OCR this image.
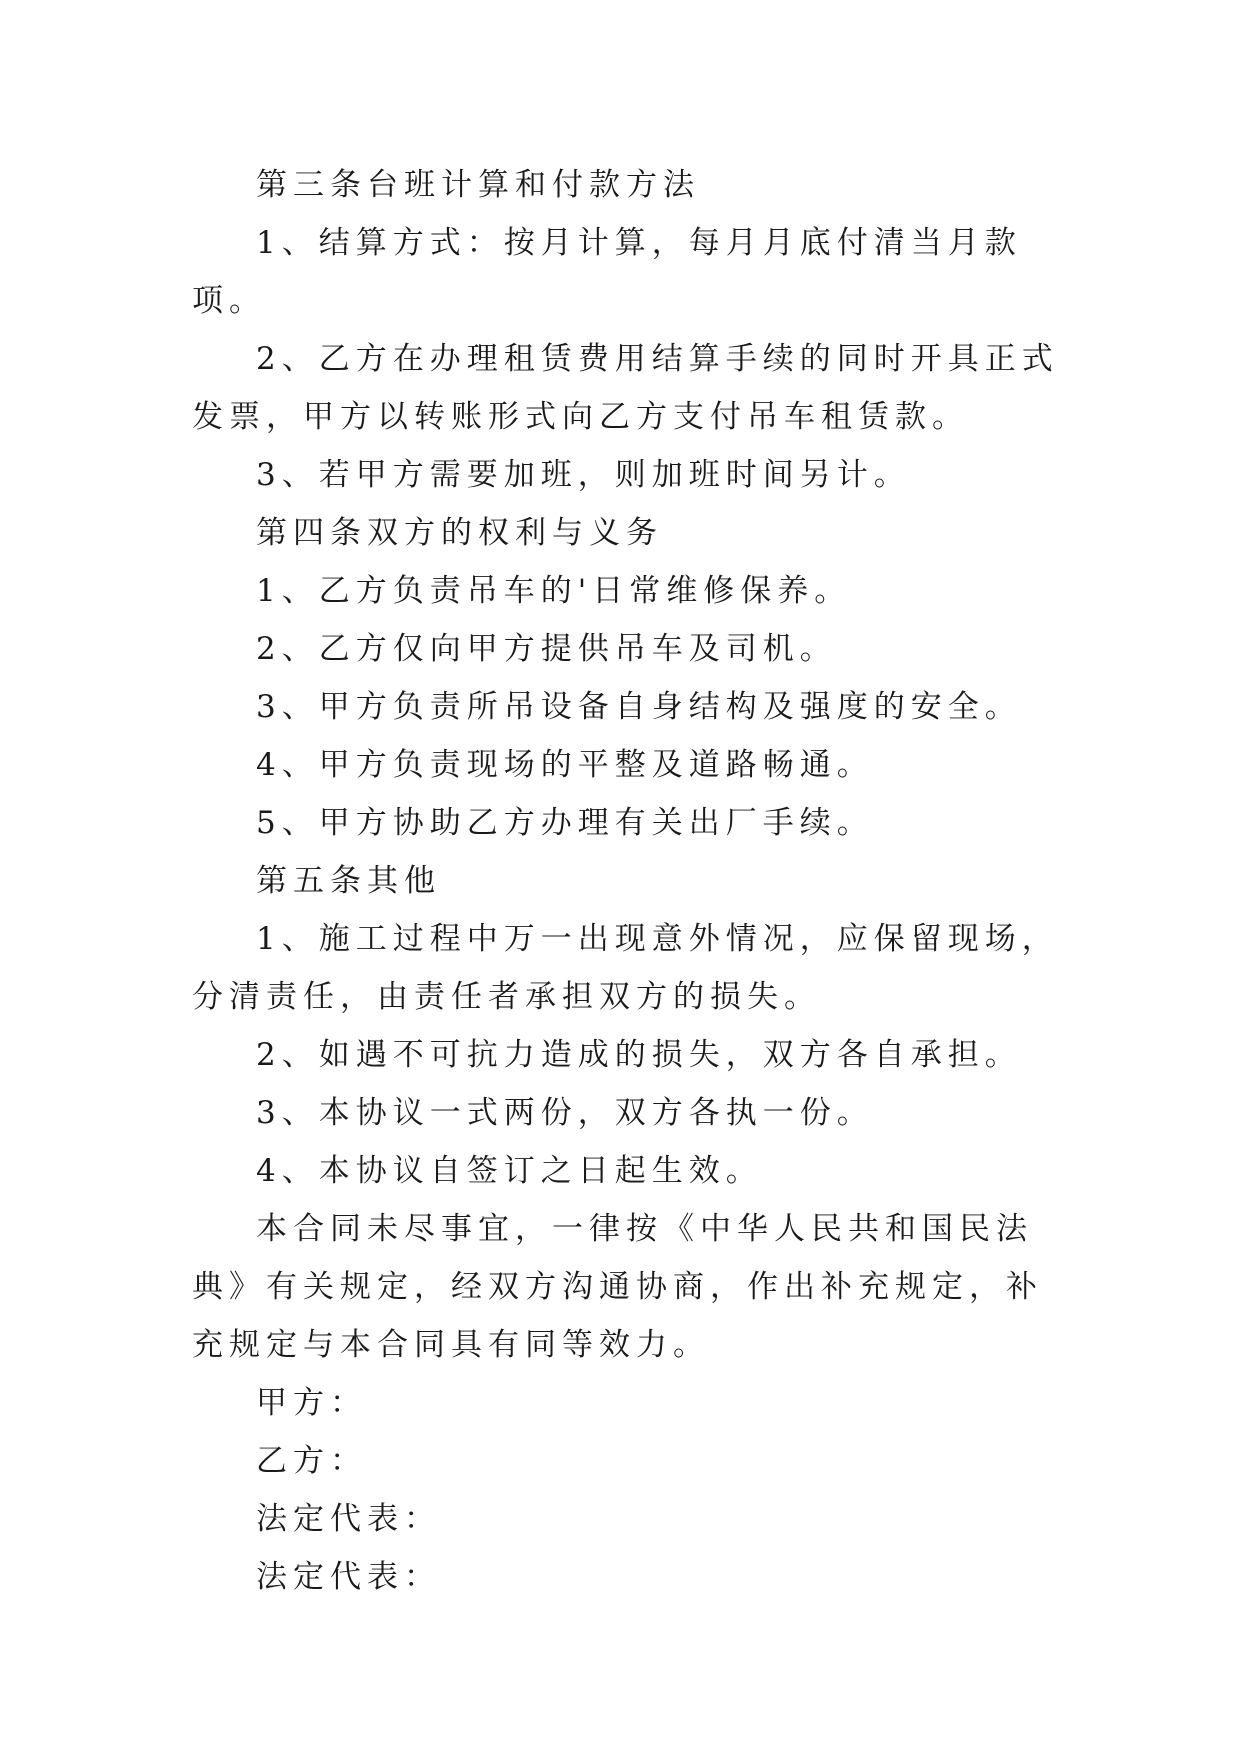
第三条台班计算和付款方法

1、结算方式：按月计算，每月月底付清当月款项。

2、乙方在办理租赁费用结算手续的同时开具正式发票，甲方以转账形式向乙方支付吊车租赁款。

3、若甲方需要加班，则加班时间另计。

第四条双方的权利与义务

1、乙方负责吊车的'日常维修保养。

2、乙方仅向甲方提供吊车及司机。

3、甲方负责所吊设备自身结构及强度的安全。

4、甲方负责现场的平整及道路畅通。

5、甲方协助乙方办理有关出厂手续。

第五条其他

1、施工过程中万一出现意外情况，应保留现场，分清责任，由责任者承担双方的损失。

2、如遇不可抗力造成的损失，双方各自承担。

3、本协议一式两份，双方各执一份。

4、本协议自签订之日起生效。

本合同未尽事宜，一律按《中华人民共和国民法典》有关规定，经双方沟通协商，作出补充规定，补充规定与本合同具有同等效力。

甲方：

乙方：

法定代表：

法定代表：
